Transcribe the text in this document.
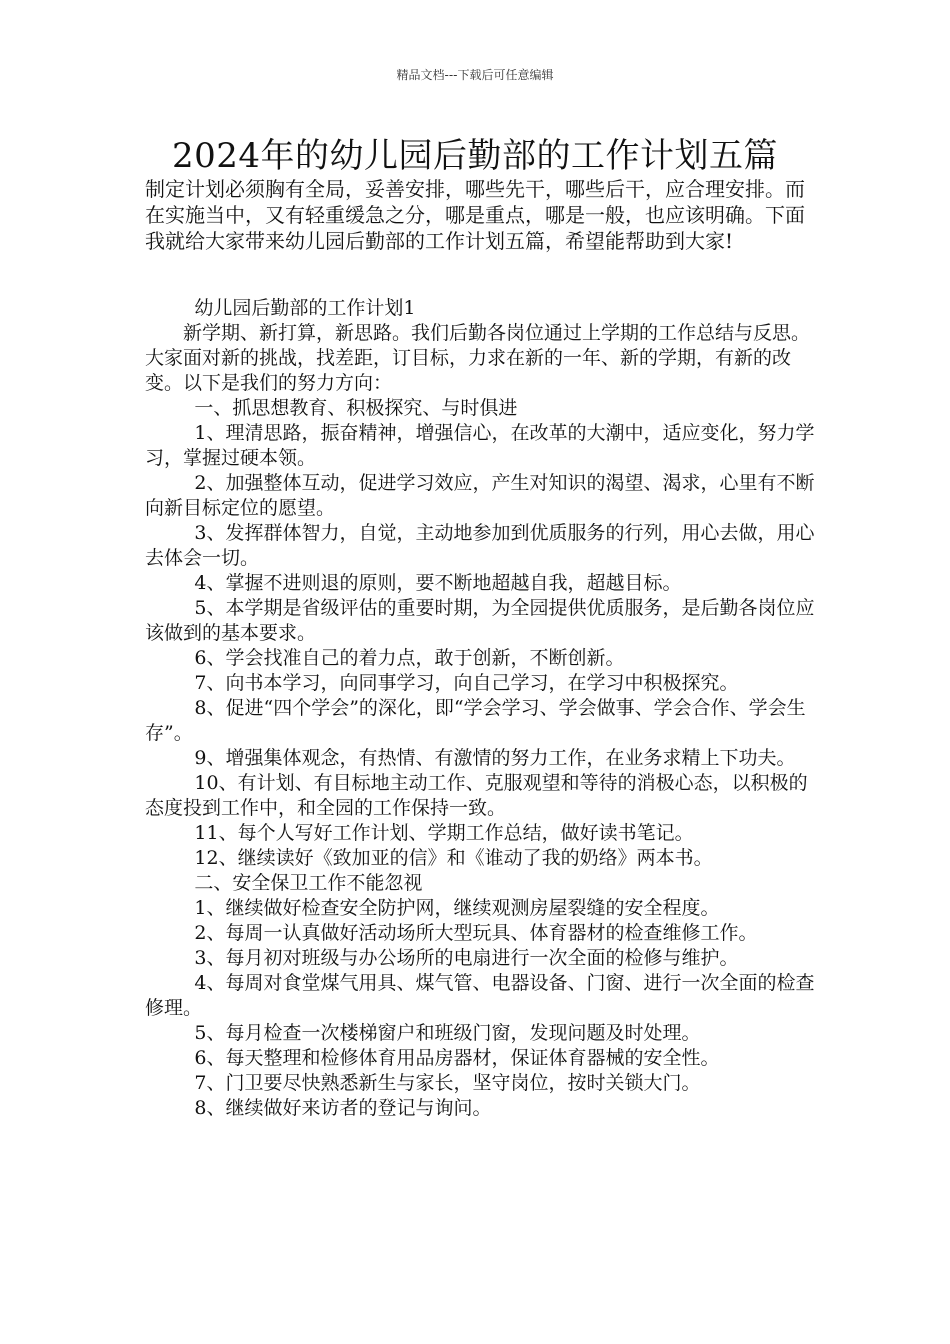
精品文档---下载后可任意编辑
2024年的幼儿园后勤部的工作计划五篇

制定计划必须胸有全局，妥善安排，哪些先干，哪些后干，应合理安排。而在实施当中，又有轻重缓急之分，哪是重点，哪是一般，也应该明确。下面我就给大家带来幼儿园后勤部的工作计划五篇，希望能帮助到大家!

幼儿园后勤部的工作计划1

新学期、新打算，新思路。我们后勤各岗位通过上学期的工作总结与反思。大家面对新的挑战，找差距，订目标，力求在新的一年、新的学期，有新的改变。以下是我们的努力方向：

一、抓思想教育、积极探究、与时俱进

1、理清思路，振奋精神，增强信心，在改革的大潮中，适应变化，努力学习，掌握过硬本领。

2、加强整体互动，促进学习效应，产生对知识的渴望、渴求，心里有不断向新目标定位的愿望。

3、发挥群体智力，自觉，主动地参加到优质服务的行列，用心去做，用心去体会一切。

4、掌握不进则退的原则，要不断地超越自我，超越目标。

5、本学期是省级评估的重要时期，为全园提供优质服务，是后勤各岗位应该做到的基本要求。

6、学会找准自己的着力点，敢于创新，不断创新。

7、向书本学习，向同事学习，向自己学习，在学习中积极探究。

8、促进“四个学会”的深化，即“学会学习、学会做事、学会合作、学会生存”。

9、增强集体观念，有热情、有激情的努力工作，在业务求精上下功夫。

10、有计划、有目标地主动工作、克服观望和等待的消极心态，以积极的态度投到工作中，和全园的工作保持一致。

11、每个人写好工作计划、学期工作总结，做好读书笔记。

12、继续读好《致加亚的信》和《谁动了我的奶络》两本书。

二、安全保卫工作不能忽视

1、继续做好检查安全防护网，继续观测房屋裂缝的安全程度。

2、每周一认真做好活动场所大型玩具、体育器材的检查维修工作。

3、每月初对班级与办公场所的电扇进行一次全面的检修与维护。

4、每周对食堂煤气用具、煤气管、电器设备、门窗、进行一次全面的检查修理。

5、每月检查一次楼梯窗户和班级门窗，发现问题及时处理。

6、每天整理和检修体育用品房器材，保证体育器械的安全性。

7、门卫要尽快熟悉新生与家长，坚守岗位，按时关锁大门。

8、继续做好来访者的登记与询问。
